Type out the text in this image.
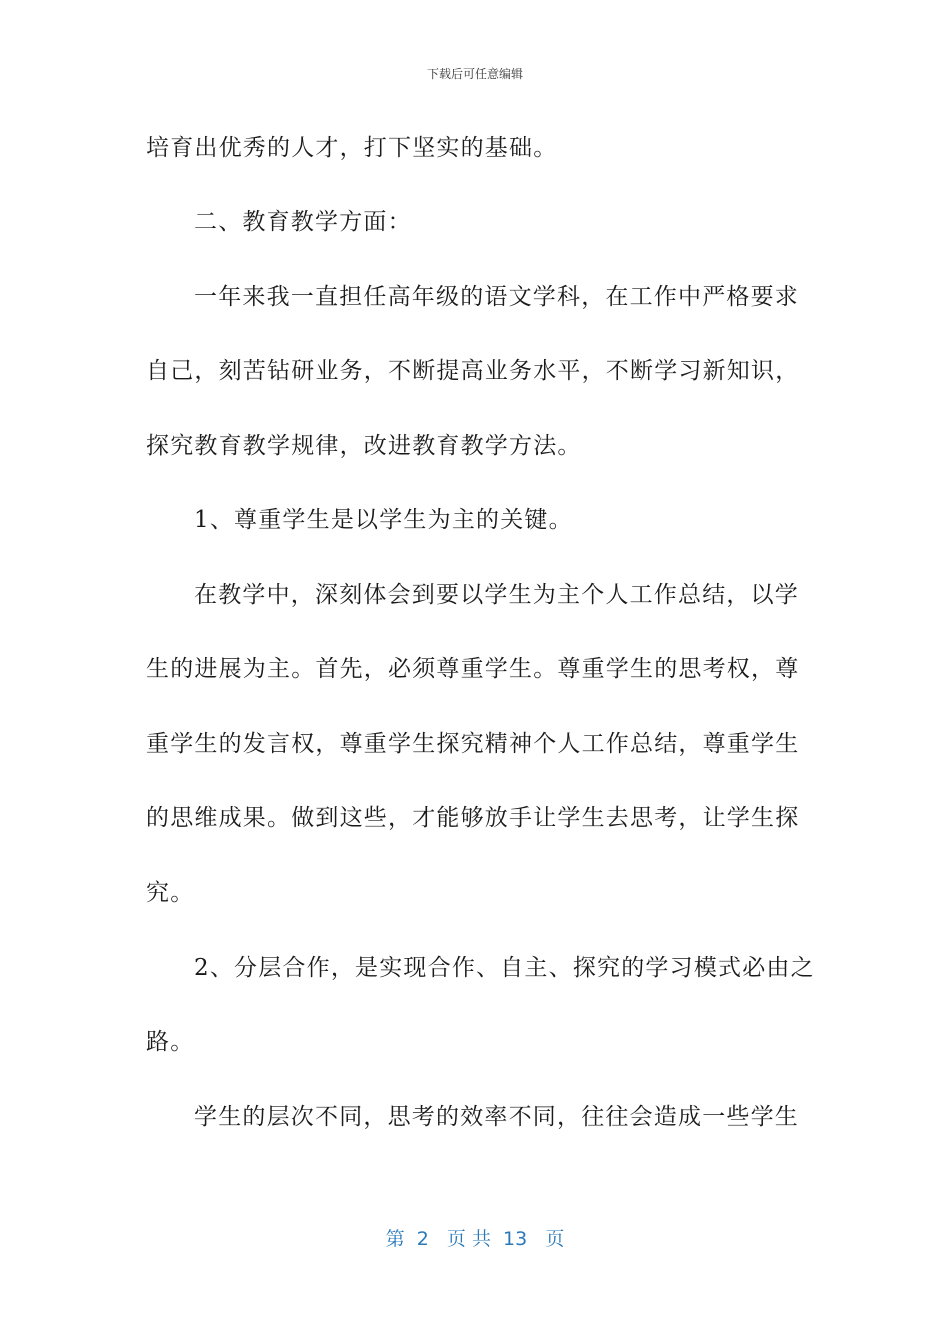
下载后可任意编辑
培育出优秀的人才，打下坚实的基础。
二、教育教学方面：
一年来我一直担任高年级的语文学科，在工作中严格要求
自己，刻苦钻研业务，不断提高业务水平，不断学习新知识，
探究教育教学规律，改进教育教学方法。
1、尊重学生是以学生为主的关键。
在教学中，深刻体会到要以学生为主个人工作总结，以学
生的进展为主。首先，必须尊重学生。尊重学生的思考权，尊
重学生的发言权，尊重学生探究精神个人工作总结，尊重学生
的思维成果。做到这些，才能够放手让学生去思考，让学生探
究。
2、分层合作，是实现合作、自主、探究的学习模式必由之
路。
学生的层次不同，思考的效率不同，往往会造成一些学生
第  2   页 共  13   页
